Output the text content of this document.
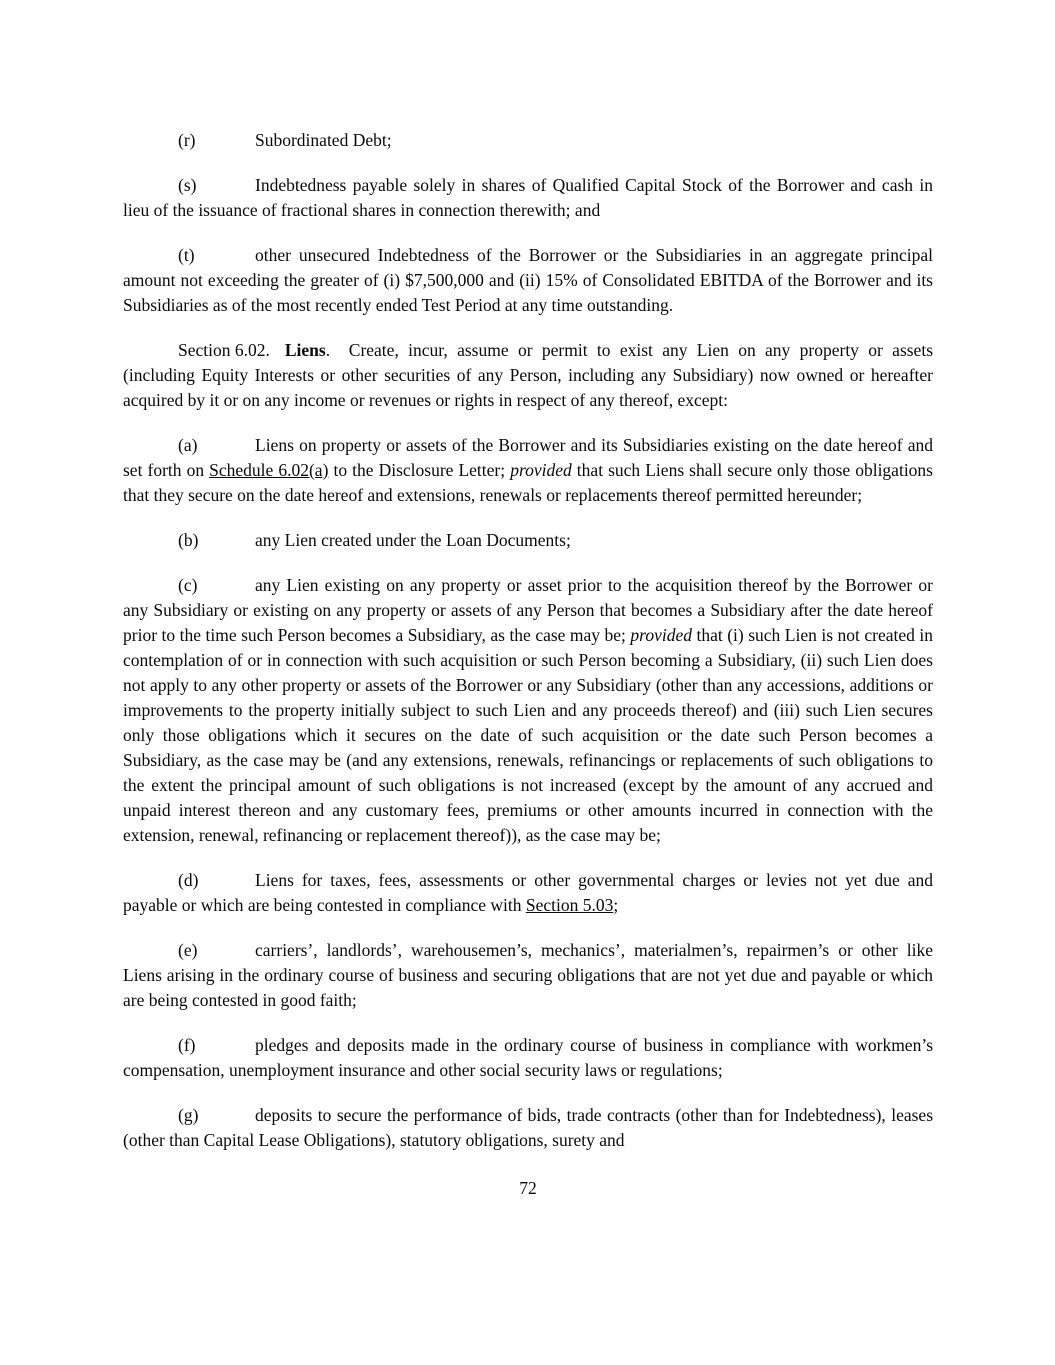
(r)	Subordinated Debt;
(s)	Indebtedness payable solely in shares of Qualified Capital Stock of the Borrower and cash in lieu of the issuance of fractional shares in connection therewith; and
(t)	other unsecured Indebtedness of the Borrower or the Subsidiaries in an aggregate principal amount not exceeding the greater of (i) $7,500,000 and (ii) 15% of Consolidated EBITDA of the Borrower and its Subsidiaries as of the most recently ended Test Period at any time outstanding.
Section 6.02. Liens.  Create, incur, assume or permit to exist any Lien on any property or assets (including Equity Interests or other securities of any Person, including any Subsidiary) now owned or hereafter acquired by it or on any income or revenues or rights in respect of any thereof, except:
(a)	Liens on property or assets of the Borrower and its Subsidiaries existing on the date hereof and set forth on Schedule 6.02(a) to the Disclosure Letter; provided that such Liens shall secure only those obligations that they secure on the date hereof and extensions, renewals or replacements thereof permitted hereunder;
(b)	any Lien created under the Loan Documents;
(c)	any Lien existing on any property or asset prior to the acquisition thereof by the Borrower or any Subsidiary or existing on any property or assets of any Person that becomes a Subsidiary after the date hereof prior to the time such Person becomes a Subsidiary, as the case may be; provided that (i) such Lien is not created in contemplation of or in connection with such acquisition or such Person becoming a Subsidiary, (ii) such Lien does not apply to any other property or assets of the Borrower or any Subsidiary (other than any accessions, additions or improvements to the property initially subject to such Lien and any proceeds thereof) and (iii) such Lien secures only those obligations which it secures on the date of such acquisition or the date such Person becomes a Subsidiary, as the case may be (and any extensions, renewals, refinancings or replacements of such obligations to the extent the principal amount of such obligations is not increased (except by the amount of any accrued and unpaid interest thereon and any customary fees, premiums or other amounts incurred in connection with the extension, renewal, refinancing or replacement thereof)), as the case may be;
(d)	Liens for taxes, fees, assessments or other governmental charges or levies not yet due and payable or which are being contested in compliance with Section 5.03;
(e)	carriers’, landlords’, warehousemen’s, mechanics’, materialmen’s, repairmen’s or other like Liens arising in the ordinary course of business and securing obligations that are not yet due and payable or which are being contested in good faith;
(f)	pledges and deposits made in the ordinary course of business in compliance with workmen’s compensation, unemployment insurance and other social security laws or regulations;
(g)	deposits to secure the performance of bids, trade contracts (other than for Indebtedness), leases (other than Capital Lease Obligations), statutory obligations, surety and
72
